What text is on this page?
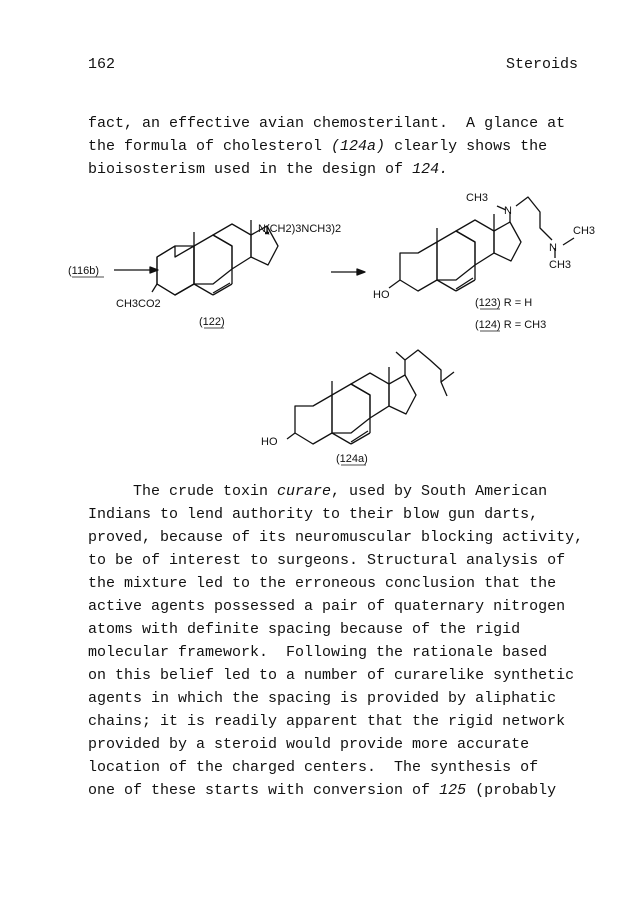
162	Steroids
fact, an effective avian chemosterilant.  A glance at
the formula of cholesterol (124a) clearly shows the
bioisosterism used in the design of 124.
(116b)
CH3CO2
N(CH2)3NCH3)2
(122)
HO
CH3
N
N
CH3
CH3
(123) R = H
(124) R = CH3
HO
(124a)
The crude toxin curare, used by South American
Indians to lend authority to their blow gun darts,
proved, because of its neuromuscular blocking activity,
to be of interest to surgeons. Structural analysis of
the mixture led to the erroneous conclusion that the
active agents possessed a pair of quaternary nitrogen
atoms with definite spacing because of the rigid
molecular framework.  Following the rationale based
on this belief led to a number of curarelike synthetic
agents in which the spacing is provided by aliphatic
chains; it is readily apparent that the rigid network
provided by a steroid would provide more accurate
location of the charged centers.  The synthesis of
one of these starts with conversion of 125 (probably
